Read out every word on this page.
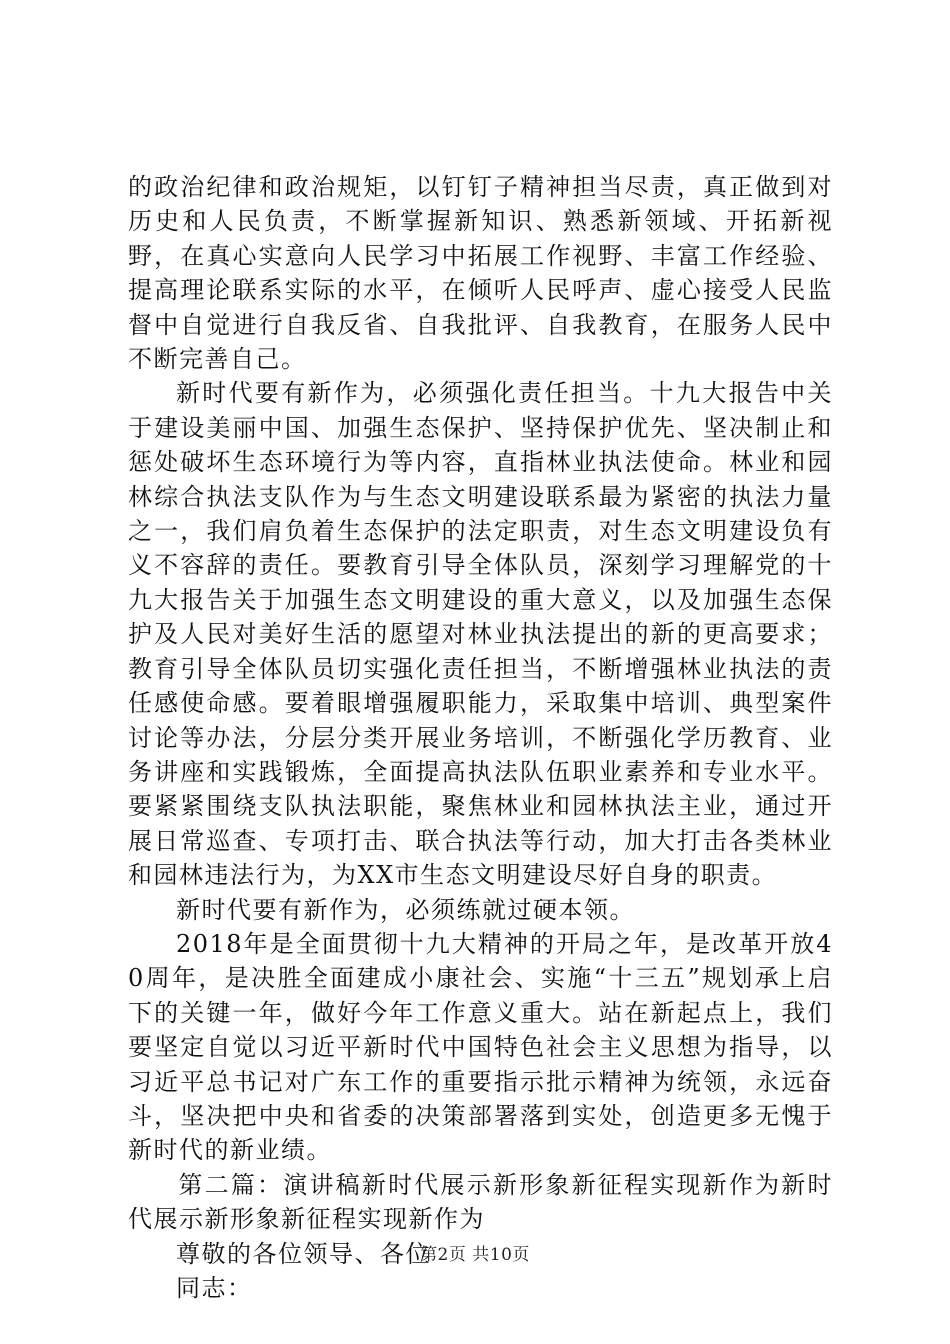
的政治纪律和政治规矩，以钉钉子精神担当尽责，真正做到对历史和人民负责，不断掌握新知识、熟悉新领域、开拓新视野，在真心实意向人民学习中拓展工作视野、丰富工作经验、提高理论联系实际的水平，在倾听人民呼声、虚心接受人民监督中自觉进行自我反省、自我批评、自我教育，在服务人民中不断完善自己。

新时代要有新作为，必须强化责任担当。十九大报告中关于建设美丽中国、加强生态保护、坚持保护优先、坚决制止和惩处破坏生态环境行为等内容，直指林业执法使命。林业和园林综合执法支队作为与生态文明建设联系最为紧密的执法力量之一，我们肩负着生态保护的法定职责，对生态文明建设负有义不容辞的责任。要教育引导全体队员，深刻学习理解党的十九大报告关于加强生态文明建设的重大意义，以及加强生态保护及人民对美好生活的愿望对林业执法提出的新的更高要求；教育引导全体队员切实强化责任担当，不断增强林业执法的责任感使命感。要着眼增强履职能力，采取集中培训、典型案件讨论等办法，分层分类开展业务培训，不断强化学历教育、业务讲座和实践锻炼，全面提高执法队伍职业素养和专业水平。要紧紧围绕支队执法职能，聚焦林业和园林执法主业，通过开展日常巡查、专项打击、联合执法等行动，加大打击各类林业和园林违法行为，为XX市生态文明建设尽好自身的职责。

新时代要有新作为，必须练就过硬本领。

2018年是全面贯彻十九大精神的开局之年，是改革开放40周年，是决胜全面建成小康社会、实施“十三五”规划承上启下的关键一年，做好今年工作意义重大。站在新起点上，我们要坚定自觉以习近平新时代中国特色社会主义思想为指导，以习近平总书记对广东工作的重要指示批示精神为统领，永远奋斗，坚决把中央和省委的决策部署落到实处，创造更多无愧于新时代的新业绩。

第二篇：演讲稿新时代展示新形象新征程实现新作为新时代展示新形象新征程实现新作为

尊敬的各位领导、各位

同志：

第2页 共10页
